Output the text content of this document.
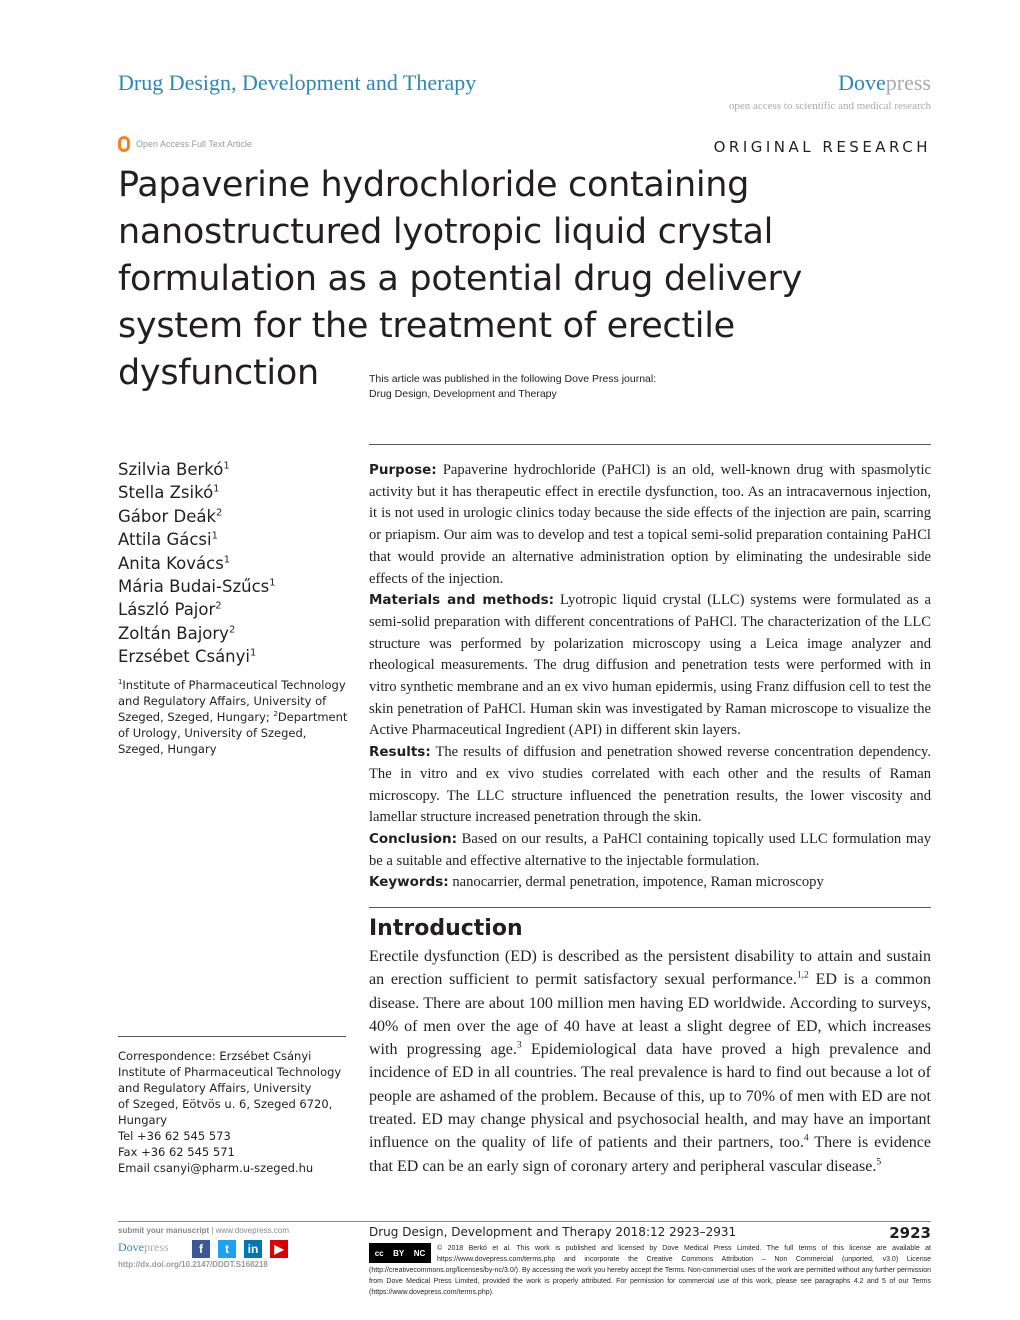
Drug Design, Development and Therapy	Dovepress
open access to scientific and medical research
Open Access Full Text Article	ORIGINAL RESEARCH
Papaverine hydrochloride containing nanostructured lyotropic liquid crystal formulation as a potential drug delivery system for the treatment of erectile dysfunction	This article was published in the following Dove Press journal:
Drug Design, Development and Therapy
Szilvia Berkó$^1$
Stella Zsikó$^1$
Gábor Deák$^2$
Attila Gácsi$^1$
Anita Kovács$^1$
Mária Budai-Szűcs$^1$
László Pajor$^2$
Zoltán Bajory$^2$
Erzsébet Csányi$^1$
$^1$Institute of Pharmaceutical Technology and Regulatory Affairs, University of Szeged, Szeged, Hungary; $^2$Department of Urology, University of Szeged, Szeged, Hungary
Correspondence: Erzsébet Csányi
Institute of Pharmaceutical Technology
and Regulatory Affairs, University
of Szeged, Eötvös u. 6, Szeged 6720,
Hungary
Tel +36 62 545 573
Fax +36 62 545 571
Email csanyi@pharm.u-szeged.hu
Purpose: Papaverine hydrochloride (PaHCl) is an old, well-known drug with spasmolytic activity but it has therapeutic effect in erectile dysfunction, too. As an intracavernous injection, it is not used in urologic clinics today because the side effects of the injection are pain, scarring or priapism. Our aim was to develop and test a topical semi-solid preparation containing PaHCl that would provide an alternative administration option by eliminating the undesirable side effects of the injection.
Materials and methods: Lyotropic liquid crystal (LLC) systems were formulated as a semi-solid preparation with different concentrations of PaHCl. The characterization of the LLC structure was performed by polarization microscopy using a Leica image analyzer and rheological measurements. The drug diffusion and penetration tests were performed with in vitro synthetic membrane and an ex vivo human epidermis, using Franz diffusion cell to test the skin penetration of PaHCl. Human skin was investigated by Raman microscope to visualize the Active Pharmaceutical Ingredient (API) in different skin layers.
Results: The results of diffusion and penetration showed reverse concentration dependency. The in vitro and ex vivo studies correlated with each other and the results of Raman microscopy. The LLC structure influenced the penetration results, the lower viscosity and lamellar structure increased penetration through the skin.
Conclusion: Based on our results, a PaHCl containing topically used LLC formulation may be a suitable and effective alternative to the injectable formulation.
Keywords: nanocarrier, dermal penetration, impotence, Raman microscopy
Introduction

Erectile dysfunction (ED) is described as the persistent disability to attain and sustain an erection sufficient to permit satisfactory sexual performance.$^{1,2}$ ED is a common disease. There are about 100 million men having ED worldwide. According to surveys, 40% of men over the age of 40 have at least a slight degree of ED, which increases with progressing age.$^3$ Epidemiological data have proved a high prevalence and incidence of ED in all countries. The real prevalence is hard to find out because a lot of people are ashamed of the problem. Because of this, up to 70% of men with ED are not treated. ED may change physical and psychosocial health, and may have an important influence on the quality of life of patients and their partners, too.$^4$ There is evidence that ED can be an early sign of coronary artery and peripheral vascular disease.$^5$

submit your manuscript | www.dovepress.com
Dovepress	f	t	in	▶
http://dx.doi.org/10.2147/DDDT.S168218
Drug Design, Development and Therapy 2018:12 2923–2931	2923
cc BY NC © 2018 Berkó et al. This work is published and licensed by Dove Medical Press Limited. The full terms of this license are available at https://www.dovepress.com/terms.php and incorporate the Creative Commons Attribution – Non Commercial (unported, v3.0) License (http://creativecommons.org/licenses/by-nc/3.0/). By accessing the work you hereby accept the Terms. Non-commercial uses of the work are permitted without any further permission from Dove Medical Press Limited, provided the work is properly attributed. For permission for commercial use of this work, please see paragraphs 4.2 and 5 of our Terms (https://www.dovepress.com/terms.php).
